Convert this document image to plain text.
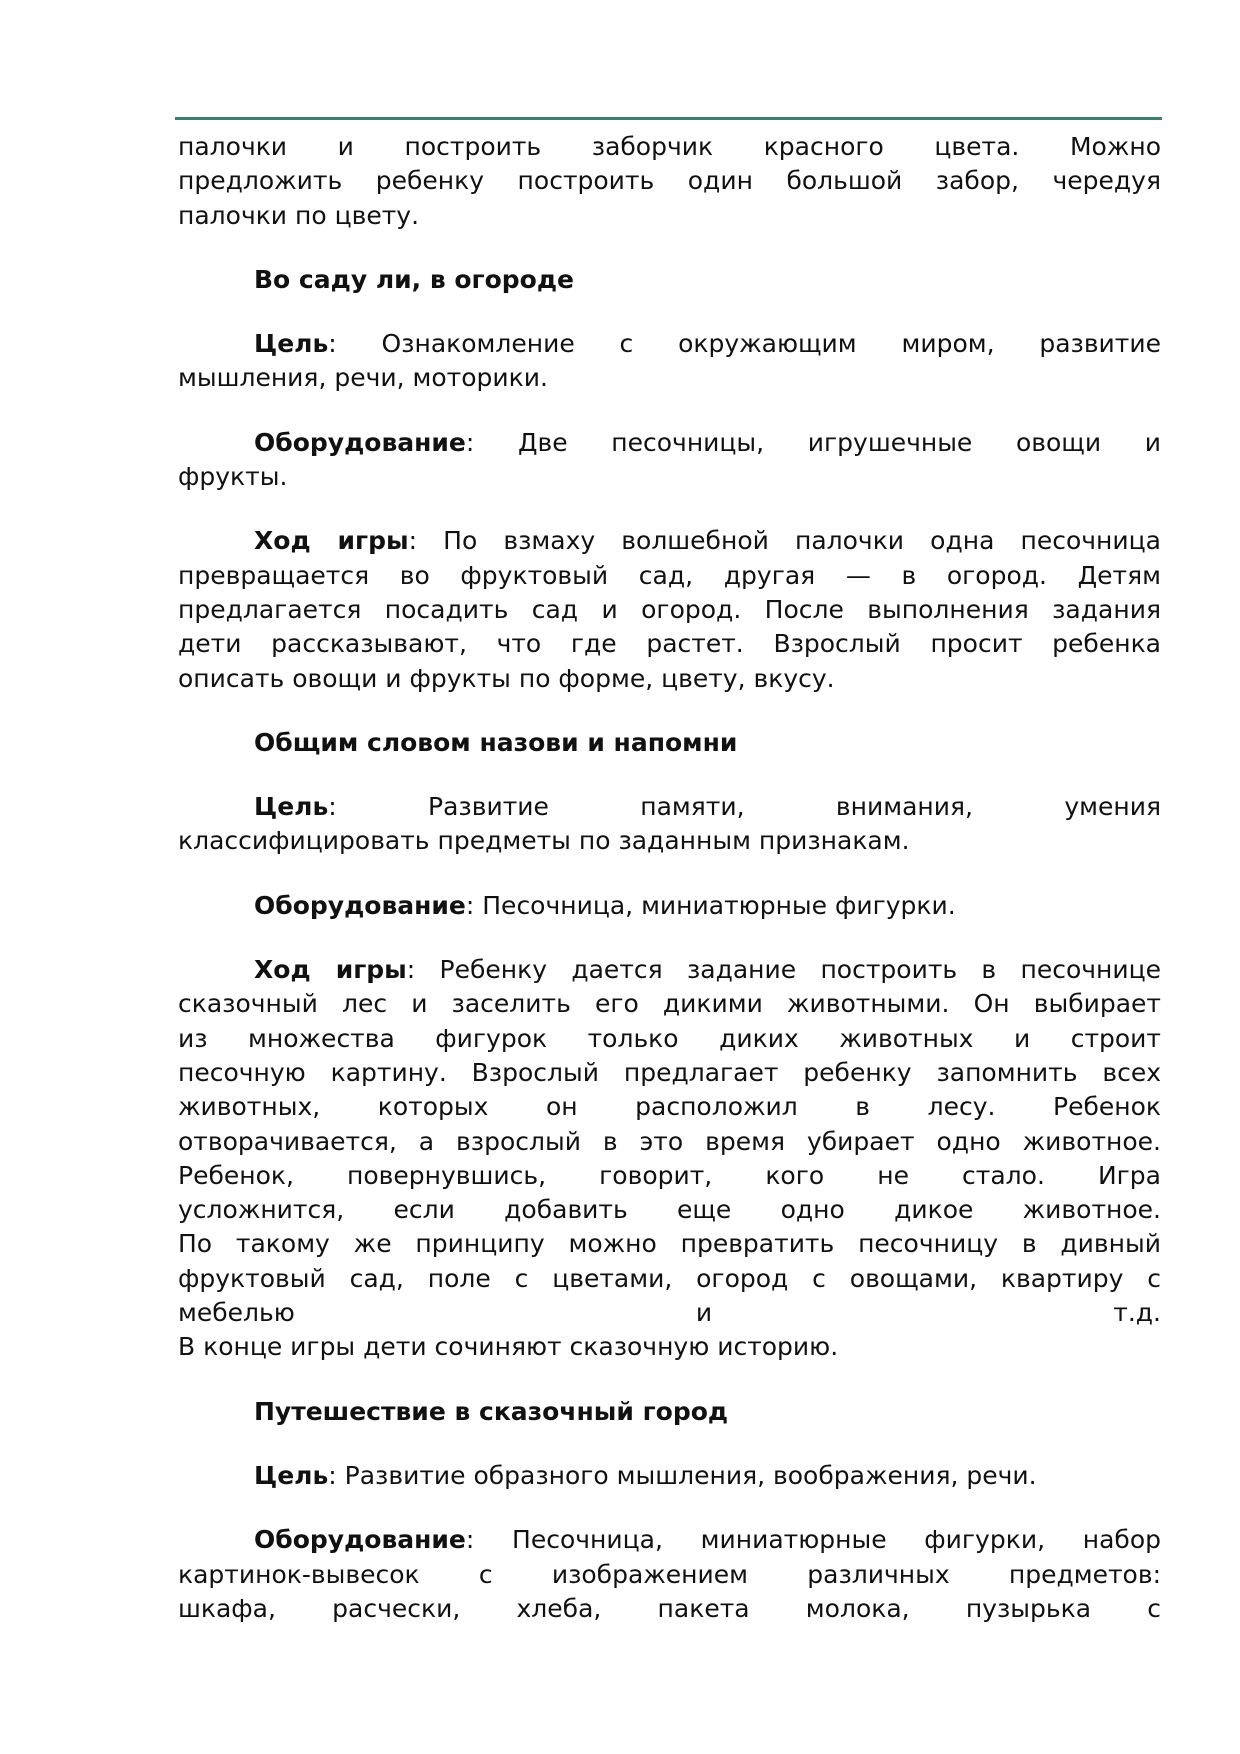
палочки и построить заборчик красного цвета. Можно
предложить ребенку построить один большой забор, чередуя
палочки по цвету.
Во саду ли, в огороде
Цель: Ознакомление с окружающим миром, развитие
мышления, речи, моторики.
Оборудование: Две песочницы, игрушечные овощи и
фрукты.
Ход игры: По взмаху волшебной палочки одна песочница
превращается во фруктовый сад, другая — в огород. Детям
предлагается посадить сад и огород. После выполнения задания
дети рассказывают, что где растет. Взрослый просит ребенка
описать овощи и фрукты по форме, цвету, вкусу.
Общим словом назови и напомни
Цель: Развитие памяти, внимания, умения
классифицировать предметы по заданным признакам.
Оборудование: Песочница, миниатюрные фигурки.
Ход игры: Ребенку дается задание построить в песочнице
сказочный лес и заселить его дикими животными. Он выбирает
из множества фигурок только диких животных и строит
песочную картину. Взрослый предлагает ребенку запомнить всех
животных, которых он расположил в лесу. Ребенок
отворачивается, а взрослый в это время убирает одно животное.
Ребенок, повернувшись, говорит, кого не стало. Игра
усложнится, если добавить еще одно дикое животное.
По такому же принципу можно превратить песочницу в дивный
фруктовый сад, поле с цветами, огород с овощами, квартиру с
мебелью и т.д.
В конце игры дети сочиняют сказочную историю.
Путешествие в сказочный город
Цель: Развитие образного мышления, воображения, речи.
Оборудование: Песочница, миниатюрные фигурки, набор
картинок-вывесок с изображением различных предметов:
шкафа, расчески, хлеба, пакета молока, пузырька с
